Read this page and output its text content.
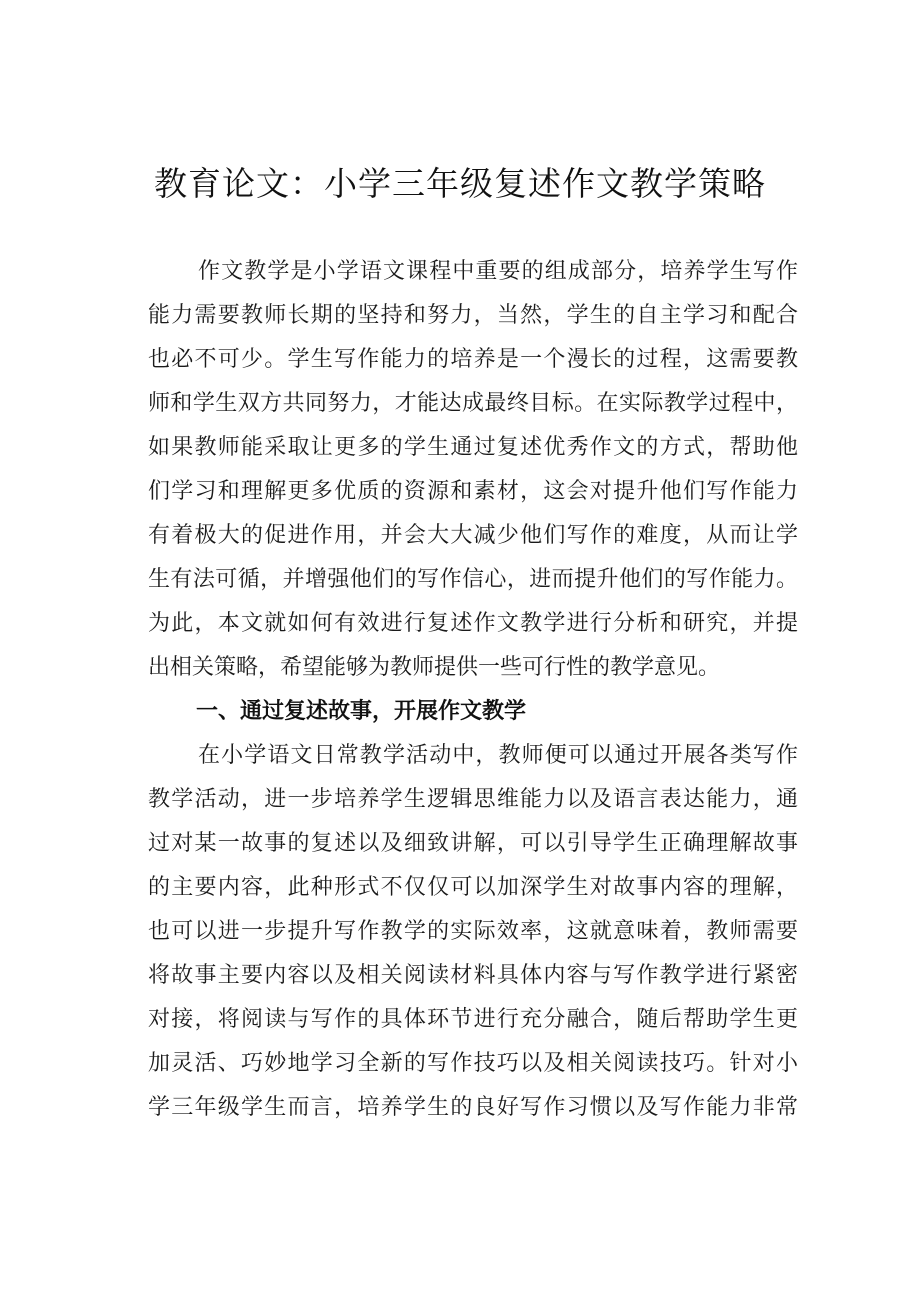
教育论文：小学三年级复述作文教学策略

作文教学是小学语文课程中重要的组成部分，培养学生写作

能力需要教师长期的坚持和努力，当然，学生的自主学习和配合

也必不可少。学生写作能力的培养是一个漫长的过程，这需要教

师和学生双方共同努力，才能达成最终目标。在实际教学过程中，

如果教师能采取让更多的学生通过复述优秀作文的方式，帮助他

们学习和理解更多优质的资源和素材，这会对提升他们写作能力

有着极大的促进作用，并会大大减少他们写作的难度，从而让学

生有法可循，并增强他们的写作信心，进而提升他们的写作能力。

为此，本文就如何有效进行复述作文教学进行分析和研究，并提

出相关策略，希望能够为教师提供一些可行性的教学意见。

一、通过复述故事，开展作文教学

在小学语文日常教学活动中，教师便可以通过开展各类写作

教学活动，进一步培养学生逻辑思维能力以及语言表达能力，通

过对某一故事的复述以及细致讲解，可以引导学生正确理解故事

的主要内容，此种形式不仅仅可以加深学生对故事内容的理解，

也可以进一步提升写作教学的实际效率，这就意味着，教师需要

将故事主要内容以及相关阅读材料具体内容与写作教学进行紧密

对接，将阅读与写作的具体环节进行充分融合，随后帮助学生更

加灵活、巧妙地学习全新的写作技巧以及相关阅读技巧。针对小

学三年级学生而言，培养学生的良好写作习惯以及写作能力非常
